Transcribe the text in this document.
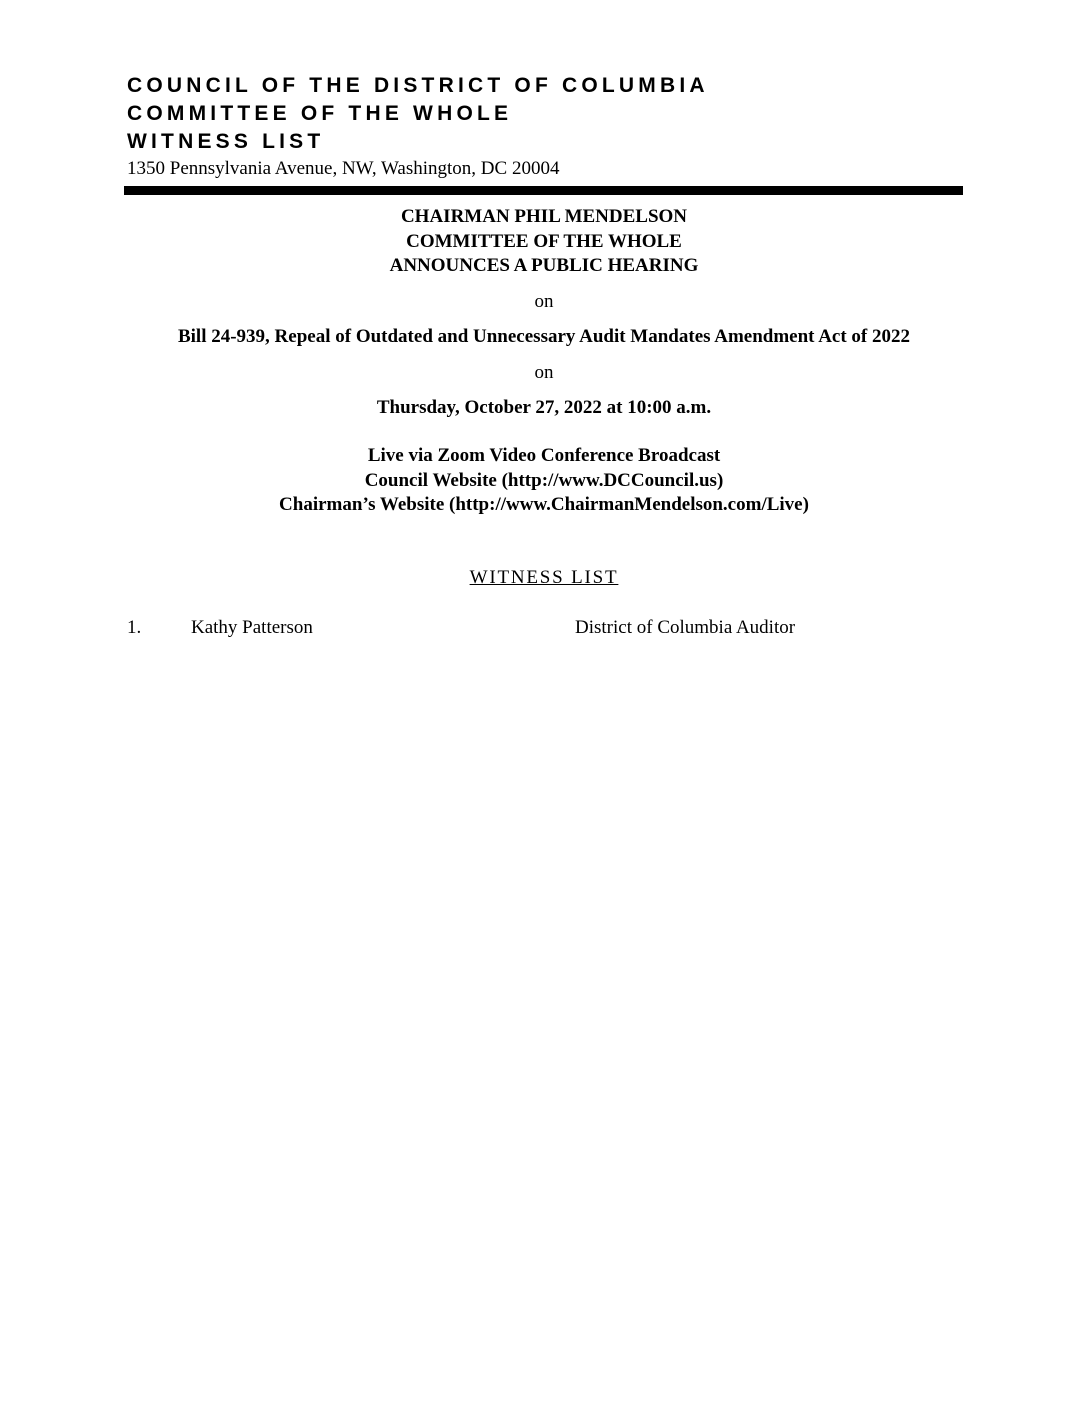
COUNCIL OF THE DISTRICT OF COLUMBIA
COMMITTEE OF THE WHOLE
WITNESS LIST
1350 Pennsylvania Avenue, NW, Washington, DC 20004
CHAIRMAN PHIL MENDELSON
COMMITTEE OF THE WHOLE
ANNOUNCES A PUBLIC HEARING
on
Bill 24-939, Repeal of Outdated and Unnecessary Audit Mandates Amendment Act of 2022
on
Thursday, October 27, 2022 at 10:00 a.m.
Live via Zoom Video Conference Broadcast
Council Website (http://www.DCCouncil.us)
Chairman’s Website (http://www.ChairmanMendelson.com/Live)
WITNESS LIST
1.	Kathy Patterson	District of Columbia Auditor
